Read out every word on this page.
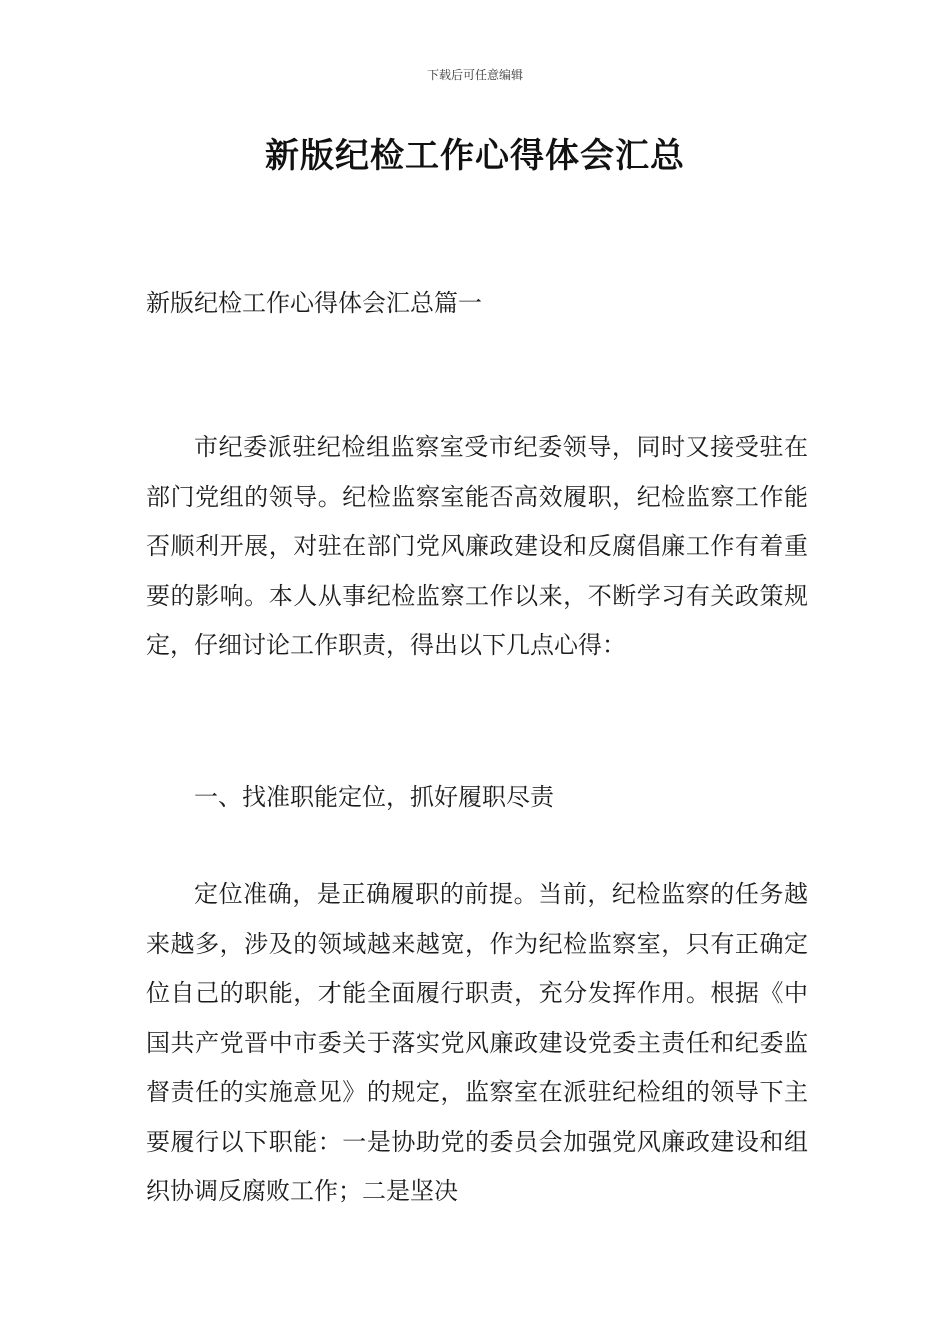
下载后可任意编辑
新版纪检工作心得体会汇总
新版纪检工作心得体会汇总篇一

市纪委派驻纪检组监察室受市纪委领导，同时又接受驻在部门党组的领导。纪检监察室能否高效履职，纪检监察工作能否顺利开展，对驻在部门党风廉政建设和反腐倡廉工作有着重要的影响。本人从事纪检监察工作以来，不断学习有关政策规定，仔细讨论工作职责，得出以下几点心得：

一、找准职能定位，抓好履职尽责

定位准确，是正确履职的前提。当前，纪检监察的任务越来越多，涉及的领域越来越宽，作为纪检监察室，只有正确定位自己的职能，才能全面履行职责，充分发挥作用。根据《中国共产党晋中市委关于落实党风廉政建设党委主责任和纪委监督责任的实施意见》的规定，监察室在派驻纪检组的领导下主要履行以下职能：一是协助党的委员会加强党风廉政建设和组织协调反腐败工作；二是坚决
